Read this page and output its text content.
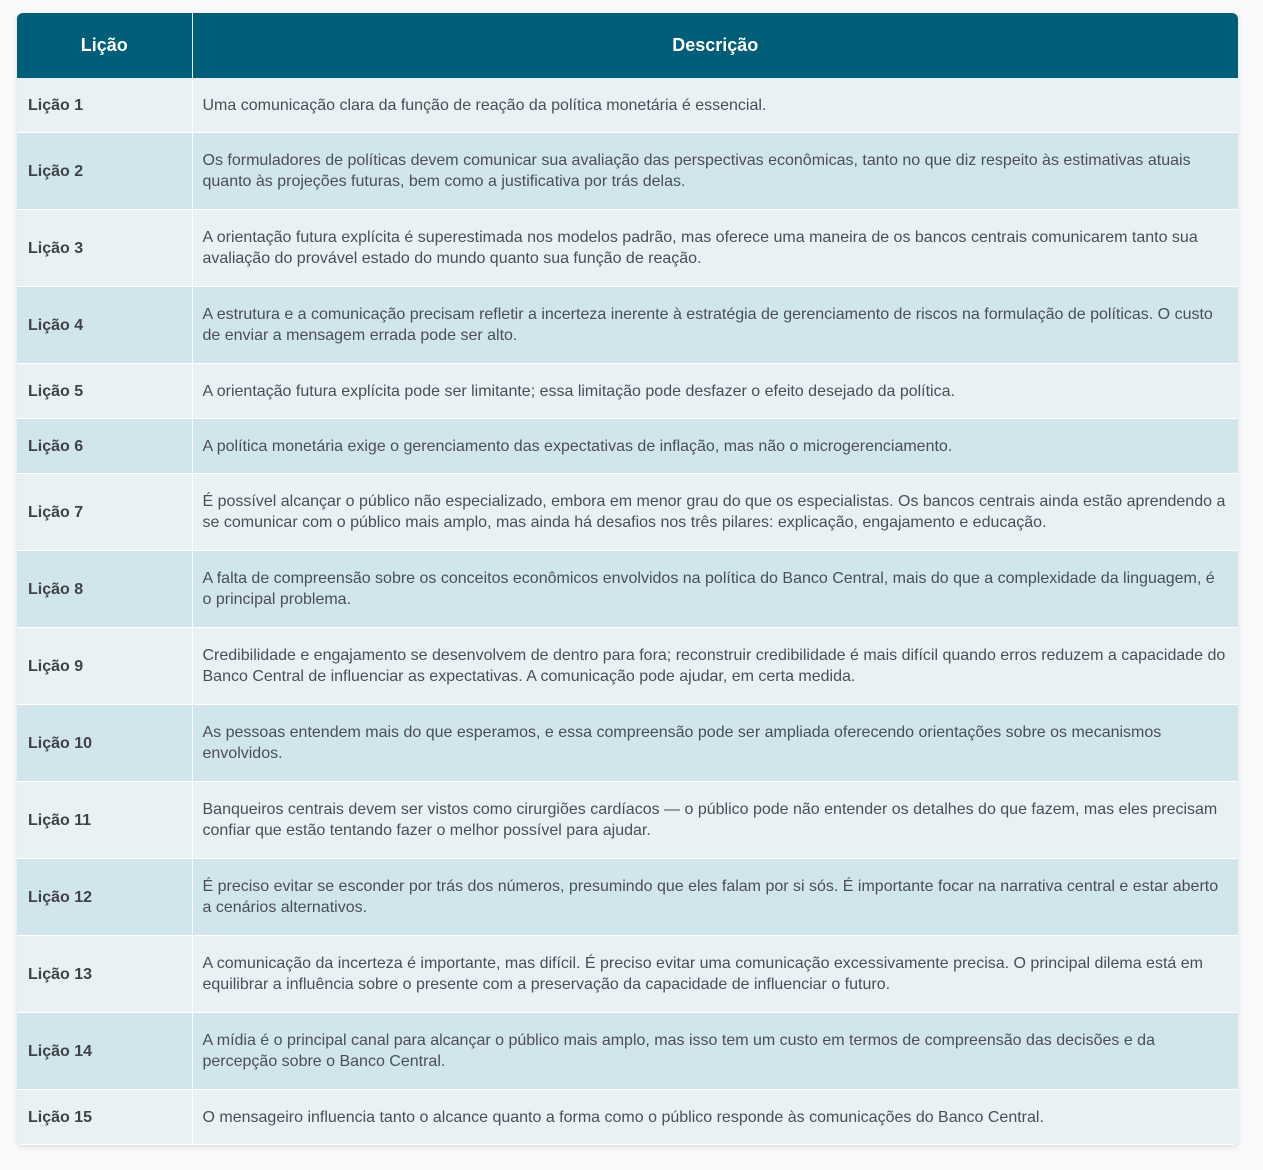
Lição	Descrição
Lição 1	Uma comunicação clara da função de reação da política monetária é essencial.
Lição 2	Os formuladores de políticas devem comunicar sua avaliação das perspectivas econômicas, tanto no que diz respeito às estimativas atuais quanto às projeções futuras, bem como a justificativa por trás delas.
Lição 3	A orientação futura explícita é superestimada nos modelos padrão, mas oferece uma maneira de os bancos centrais comunicarem tanto sua avaliação do provável estado do mundo quanto sua função de reação.
Lição 4	A estrutura e a comunicação precisam refletir a incerteza inerente à estratégia de gerenciamento de riscos na formulação de políticas. O custo de enviar a mensagem errada pode ser alto.
Lição 5	A orientação futura explícita pode ser limitante; essa limitação pode desfazer o efeito desejado da política.
Lição 6	A política monetária exige o gerenciamento das expectativas de inflação, mas não o microgerenciamento.
Lição 7	É possível alcançar o público não especializado, embora em menor grau do que os especialistas. Os bancos centrais ainda estão aprendendo a se comunicar com o público mais amplo, mas ainda há desafios nos três pilares: explicação, engajamento e educação.
Lição 8	A falta de compreensão sobre os conceitos econômicos envolvidos na política do Banco Central, mais do que a complexidade da linguagem, é o principal problema.
Lição 9	Credibilidade e engajamento se desenvolvem de dentro para fora; reconstruir credibilidade é mais difícil quando erros reduzem a capacidade do Banco Central de influenciar as expectativas. A comunicação pode ajudar, em certa medida.
Lição 10	As pessoas entendem mais do que esperamos, e essa compreensão pode ser ampliada oferecendo orientações sobre os mecanismos envolvidos.
Lição 11	Banqueiros centrais devem ser vistos como cirurgiões cardíacos — o público pode não entender os detalhes do que fazem, mas eles precisam confiar que estão tentando fazer o melhor possível para ajudar.
Lição 12	É preciso evitar se esconder por trás dos números, presumindo que eles falam por si sós. É importante focar na narrativa central e estar aberto a cenários alternativos.
Lição 13	A comunicação da incerteza é importante, mas difícil. É preciso evitar uma comunicação excessivamente precisa. O principal dilema está em equilibrar a influência sobre o presente com a preservação da capacidade de influenciar o futuro.
Lição 14	A mídia é o principal canal para alcançar o público mais amplo, mas isso tem um custo em termos de compreensão das decisões e da percepção sobre o Banco Central.
Lição 15	O mensageiro influencia tanto o alcance quanto a forma como o público responde às comunicações do Banco Central.
